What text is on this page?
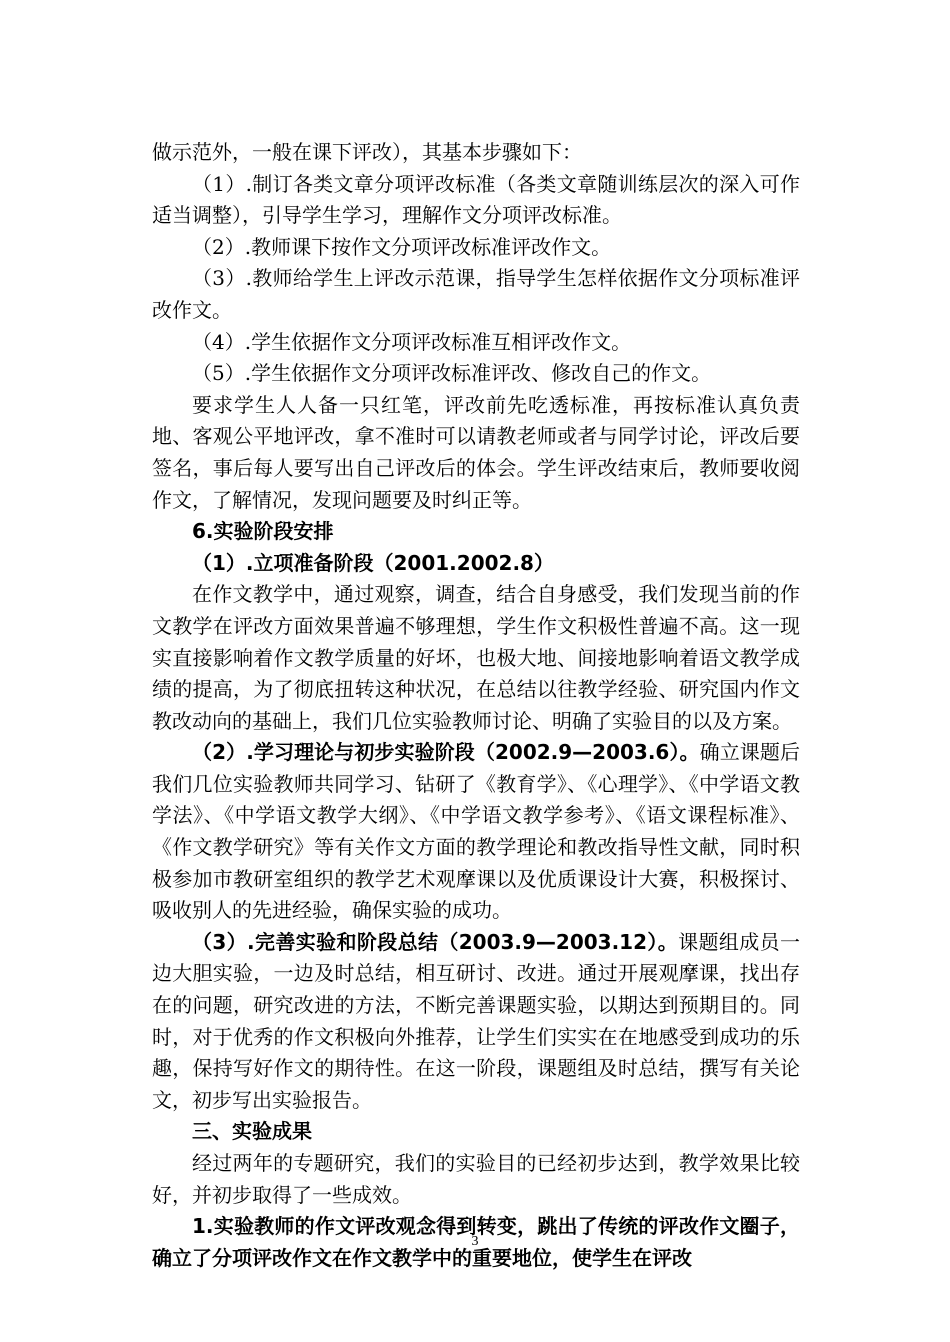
做示范外，一般在课下评改），其基本步骤如下：

（1）.制订各类文章分项评改标准（各类文章随训练层次的深入可作适当调整），引导学生学习，理解作文分项评改标准。

（2）.教师课下按作文分项评改标准评改作文。

（3）.教师给学生上评改示范课，指导学生怎样依据作文分项标准评改作文。

（4）.学生依据作文分项评改标准互相评改作文。

（5）.学生依据作文分项评改标准评改、修改自己的作文。

要求学生人人备一只红笔，评改前先吃透标准，再按标准认真负责地、客观公平地评改，拿不准时可以请教老师或者与同学讨论，评改后要签名，事后每人要写出自己评改后的体会。学生评改结束后，教师要收阅作文，了解情况，发现问题要及时纠正等。

6.实验阶段安排

（1）.立项准备阶段（2001.2002.8）

在作文教学中，通过观察，调查，结合自身感受，我们发现当前的作文教学在评改方面效果普遍不够理想，学生作文积极性普遍不高。这一现实直接影响着作文教学质量的好坏，也极大地、间接地影响着语文教学成绩的提高，为了彻底扭转这种状况，在总结以往教学经验、研究国内作文教改动向的基础上，我们几位实验教师讨论、明确了实验目的以及方案。

（2）.学习理论与初步实验阶段（2002.9—2003.6）。确立课题后我们几位实验教师共同学习、钻研了《教育学》、《心理学》、《中学语文教学法》、《中学语文教学大纲》、《中学语文教学参考》、《语文课程标准》、《作文教学研究》等有关作文方面的教学理论和教改指导性文献，同时积极参加市教研室组织的教学艺术观摩课以及优质课设计大赛，积极探讨、吸收别人的先进经验，确保实验的成功。

（3）.完善实验和阶段总结（2003.9—2003.12）。课题组成员一边大胆实验，一边及时总结，相互研讨、改进。通过开展观摩课，找出存在的问题，研究改进的方法，不断完善课题实验，以期达到预期目的。同时，对于优秀的作文积极向外推荐，让学生们实实在在地感受到成功的乐趣，保持写好作文的期待性。在这一阶段，课题组及时总结，撰写有关论文，初步写出实验报告。

三、实验成果

经过两年的专题研究，我们的实验目的已经初步达到，教学效果比较好，并初步取得了一些成效。

1.实验教师的作文评改观念得到转变，跳出了传统的评改作文圈子，确立了分项评改作文在作文教学中的重要地位，使学生在评改

3
